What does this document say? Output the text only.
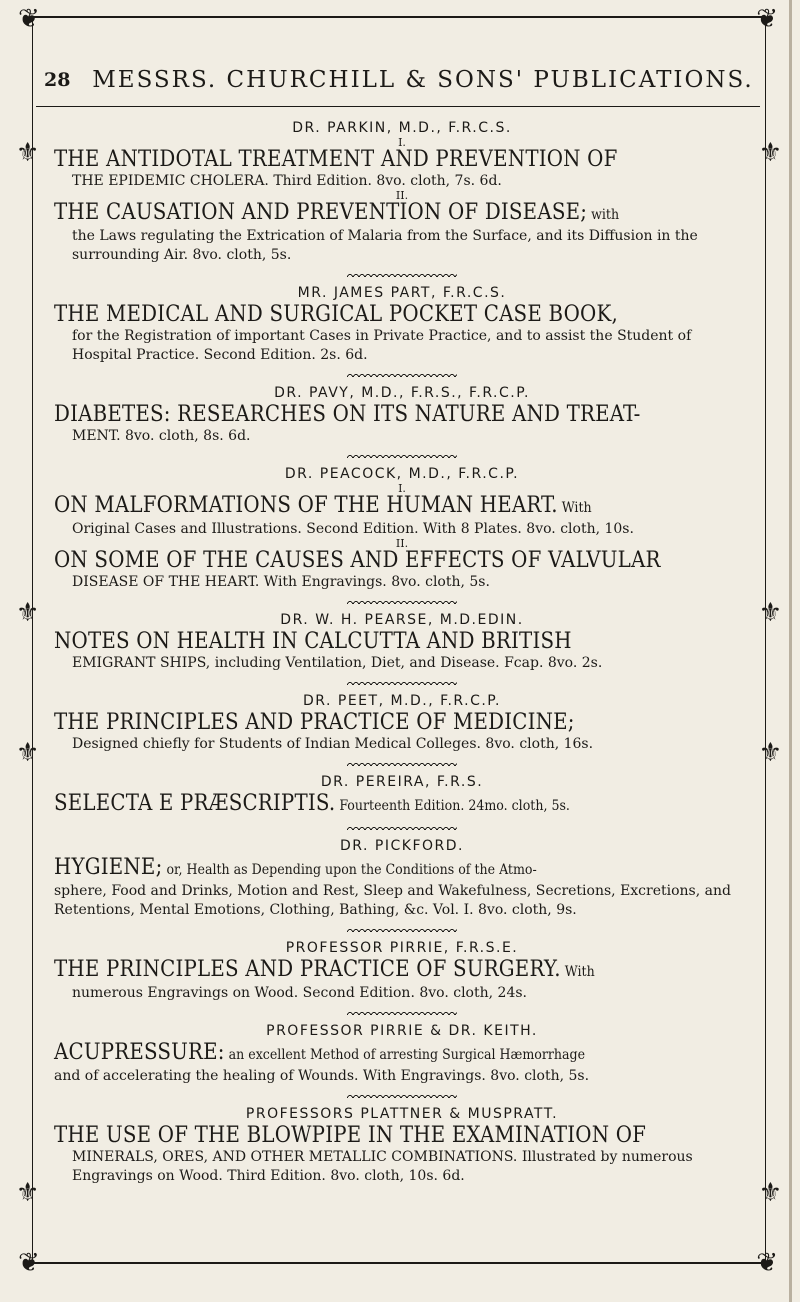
❦	❦
❦	❦
⚜
⚜
⚜
⚜
⚜
⚜
⚜
⚜
28 MESSRS. CHURCHILL & SONS' PUBLICATIONS.

DR. PARKIN, M.D., F.R.C.S.

I.

THE ANTIDOTAL TREATMENT AND PREVENTION OF

THE EPIDEMIC CHOLERA. Third Edition. 8vo. cloth, 7s. 6d.

II.

THE CAUSATION AND PREVENTION OF DISEASE; with

the Laws regulating the Extrication of Malaria from the Surface, and its Diffusion in the surrounding Air. 8vo. cloth, 5s.

MR. JAMES PART, F.R.C.S.

THE MEDICAL AND SURGICAL POCKET CASE BOOK,

for the Registration of important Cases in Private Practice, and to assist the Student of Hospital Practice. Second Edition. 2s. 6d.

DR. PAVY, M.D., F.R.S., F.R.C.P.

DIABETES: RESEARCHES ON ITS NATURE AND TREAT-

MENT. 8vo. cloth, 8s. 6d.

DR. PEACOCK, M.D., F.R.C.P.

I.

ON MALFORMATIONS OF THE HUMAN HEART. With

Original Cases and Illustrations. Second Edition. With 8 Plates. 8vo. cloth, 10s.

II.

ON SOME OF THE CAUSES AND EFFECTS OF VALVULAR

DISEASE OF THE HEART. With Engravings. 8vo. cloth, 5s.

DR. W. H. PEARSE, M.D.EDIN.

NOTES ON HEALTH IN CALCUTTA AND BRITISH

EMIGRANT SHIPS, including Ventilation, Diet, and Disease. Fcap. 8vo. 2s.

DR. PEET, M.D., F.R.C.P.

THE PRINCIPLES AND PRACTICE OF MEDICINE;

Designed chiefly for Students of Indian Medical Colleges. 8vo. cloth, 16s.

DR. PEREIRA, F.R.S.

SELECTA E PRÆSCRIPTIS. Fourteenth Edition. 24mo. cloth, 5s.

DR. PICKFORD.

HYGIENE; or, Health as Depending upon the Conditions of the Atmo-

sphere, Food and Drinks, Motion and Rest, Sleep and Wakefulness, Secretions, Excretions, and Retentions, Mental Emotions, Clothing, Bathing, &c. Vol. I. 8vo. cloth, 9s.

PROFESSOR PIRRIE, F.R.S.E.

THE PRINCIPLES AND PRACTICE OF SURGERY. With

numerous Engravings on Wood. Second Edition. 8vo. cloth, 24s.

PROFESSOR PIRRIE & DR. KEITH.

ACUPRESSURE: an excellent Method of arresting Surgical Hæmorrhage

and of accelerating the healing of Wounds. With Engravings. 8vo. cloth, 5s.

PROFESSORS PLATTNER & MUSPRATT.

THE USE OF THE BLOWPIPE IN THE EXAMINATION OF

MINERALS, ORES, AND OTHER METALLIC COMBINATIONS. Illustrated by numerous Engravings on Wood. Third Edition. 8vo. cloth, 10s. 6d.
